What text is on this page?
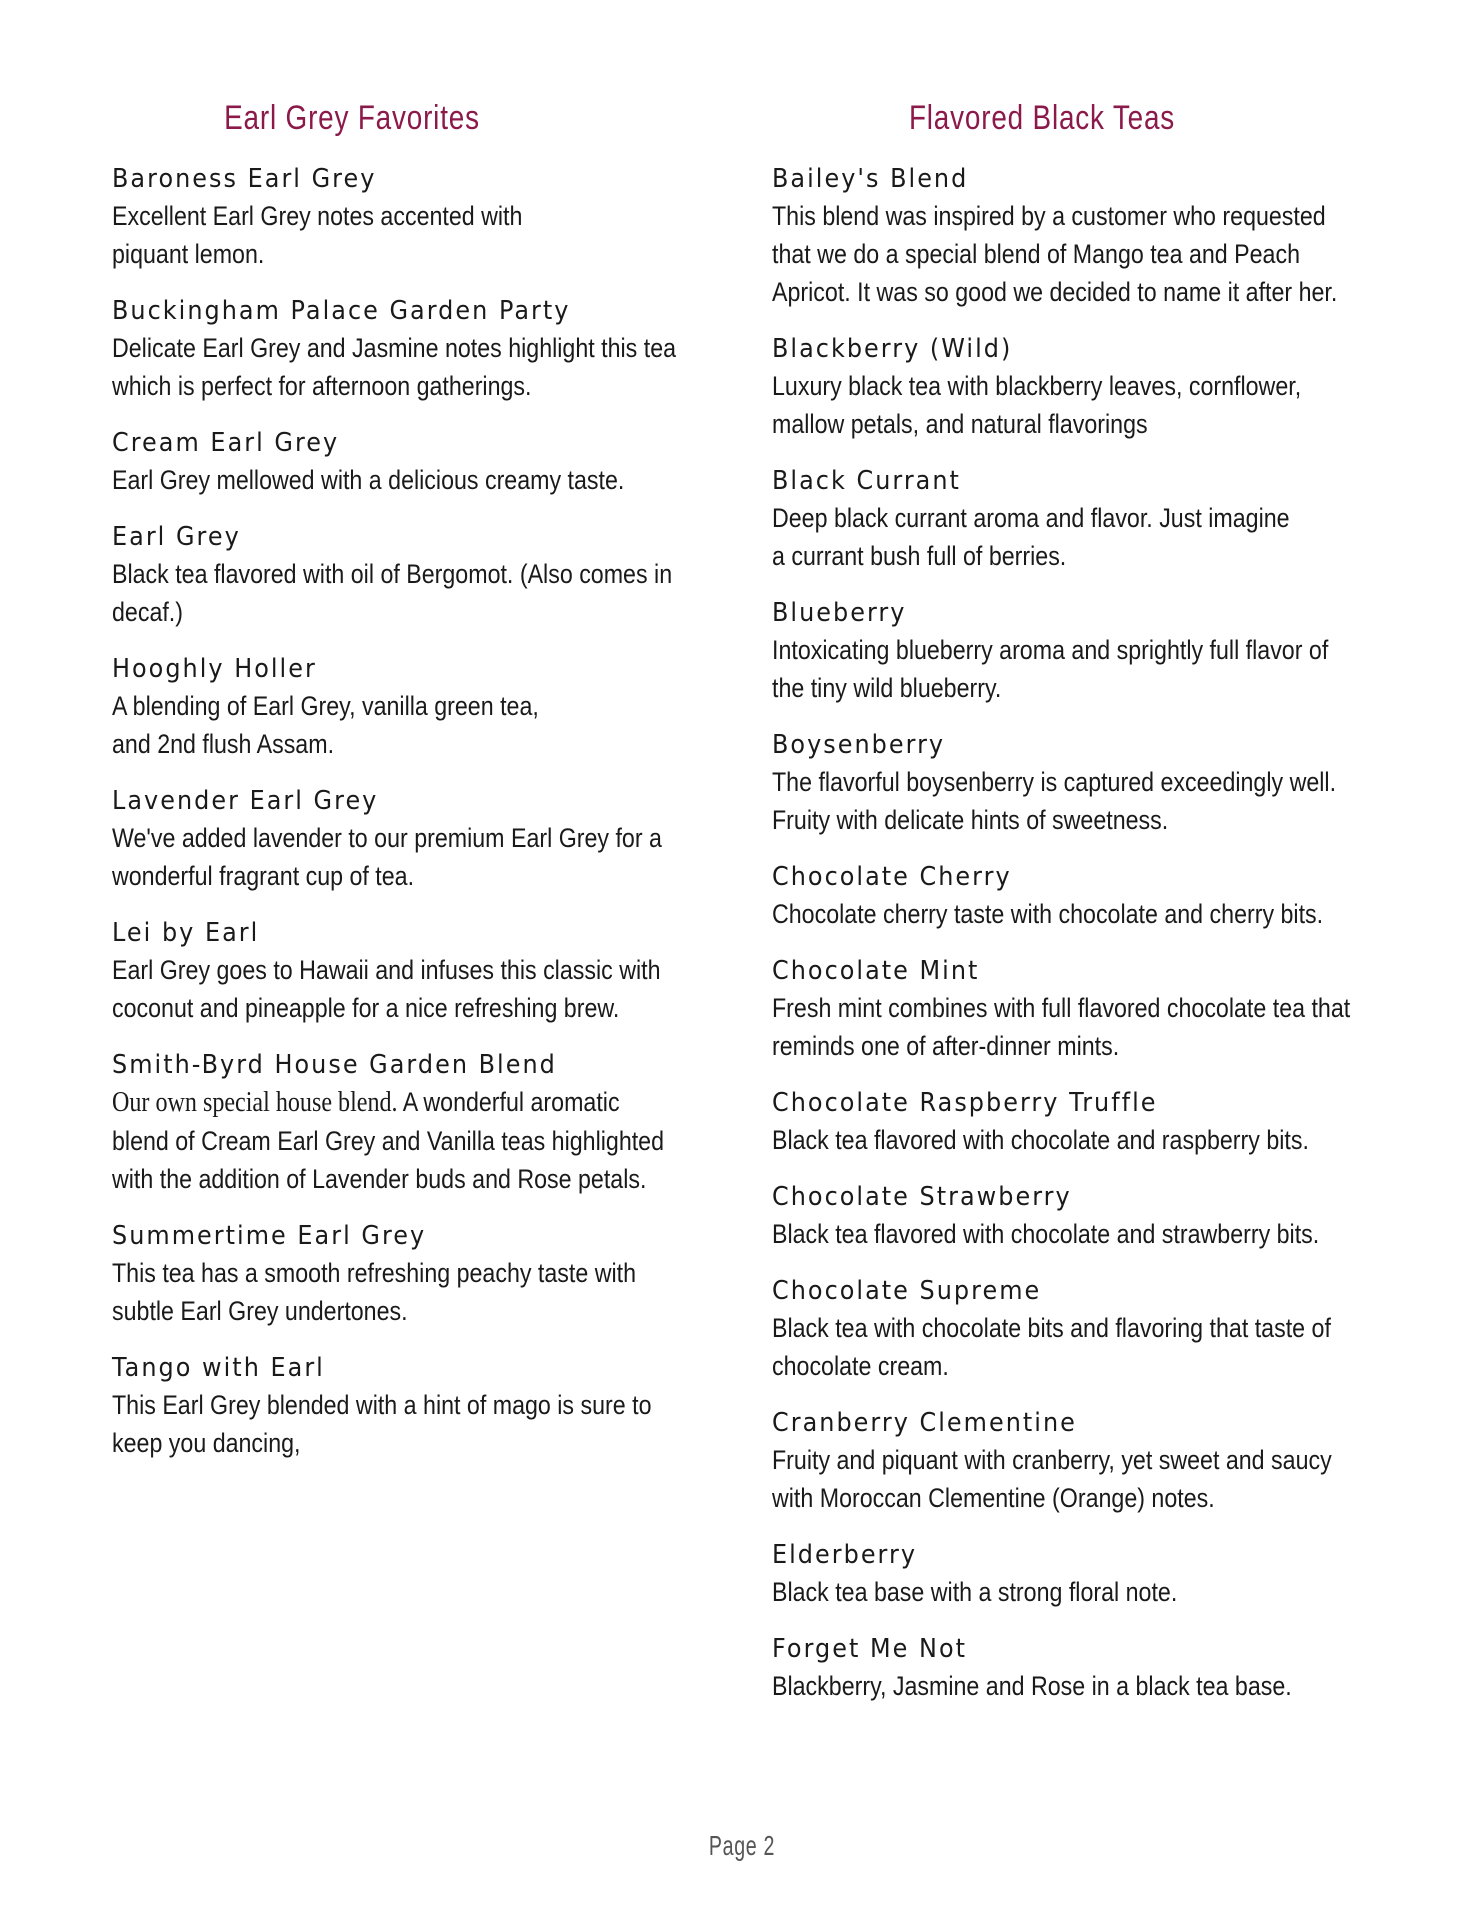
Earl Grey Favorites
Baroness Earl Grey
Excellent Earl Grey notes accented with
piquant lemon.
Buckingham Palace Garden Party
Delicate Earl Grey and Jasmine notes highlight this tea
which is perfect for afternoon gatherings.
Cream Earl Grey
Earl Grey mellowed with a delicious creamy taste.
Earl Grey
Black tea flavored with oil of Bergomot. (Also comes in
decaf.)
Hooghly Holler
A blending of Earl Grey, vanilla green tea,
and 2nd flush Assam.
Lavender Earl Grey
We've added lavender to our premium Earl Grey for a
wonderful fragrant cup of tea.
Lei by Earl
Earl Grey goes to Hawaii and infuses this classic with
coconut and pineapple for a nice refreshing brew.
Smith-Byrd House Garden Blend
Our own special house blend. A wonderful aromatic
blend of Cream Earl Grey and Vanilla teas highlighted
with the addition of Lavender buds and Rose petals.
Summertime Earl Grey
This tea has a smooth refreshing peachy taste with
subtle Earl Grey undertones.
Tango with Earl
This Earl Grey blended with a hint of mago is sure to
keep you dancing,
Flavored Black Teas
Bailey's Blend
This blend was inspired by a customer who requested
that we do a special blend of Mango tea and Peach
Apricot. It was so good we decided to name it after her.
Blackberry (Wild)
Luxury black tea with blackberry leaves, cornflower,
mallow petals, and natural flavorings
Black Currant
Deep black currant aroma and flavor. Just imagine
a currant bush full of berries.
Blueberry
Intoxicating blueberry aroma and sprightly full flavor of
the tiny wild blueberry.
Boysenberry
The flavorful boysenberry is captured exceedingly well.
Fruity with delicate hints of sweetness.
Chocolate Cherry
Chocolate cherry taste with chocolate and cherry bits.
Chocolate Mint
Fresh mint combines with full flavored chocolate tea that
reminds one of after-dinner mints.
Chocolate Raspberry Truffle
Black tea flavored with chocolate and raspberry bits.
Chocolate Strawberry
Black tea flavored with chocolate and strawberry bits.
Chocolate Supreme
Black tea with chocolate bits and flavoring that taste of
chocolate cream.
Cranberry Clementine
Fruity and piquant with cranberry, yet sweet and saucy
with Moroccan Clementine (Orange) notes.
Elderberry
Black tea base with a strong floral note.
Forget Me Not
Blackberry, Jasmine and Rose in a black tea base.
Page 2
